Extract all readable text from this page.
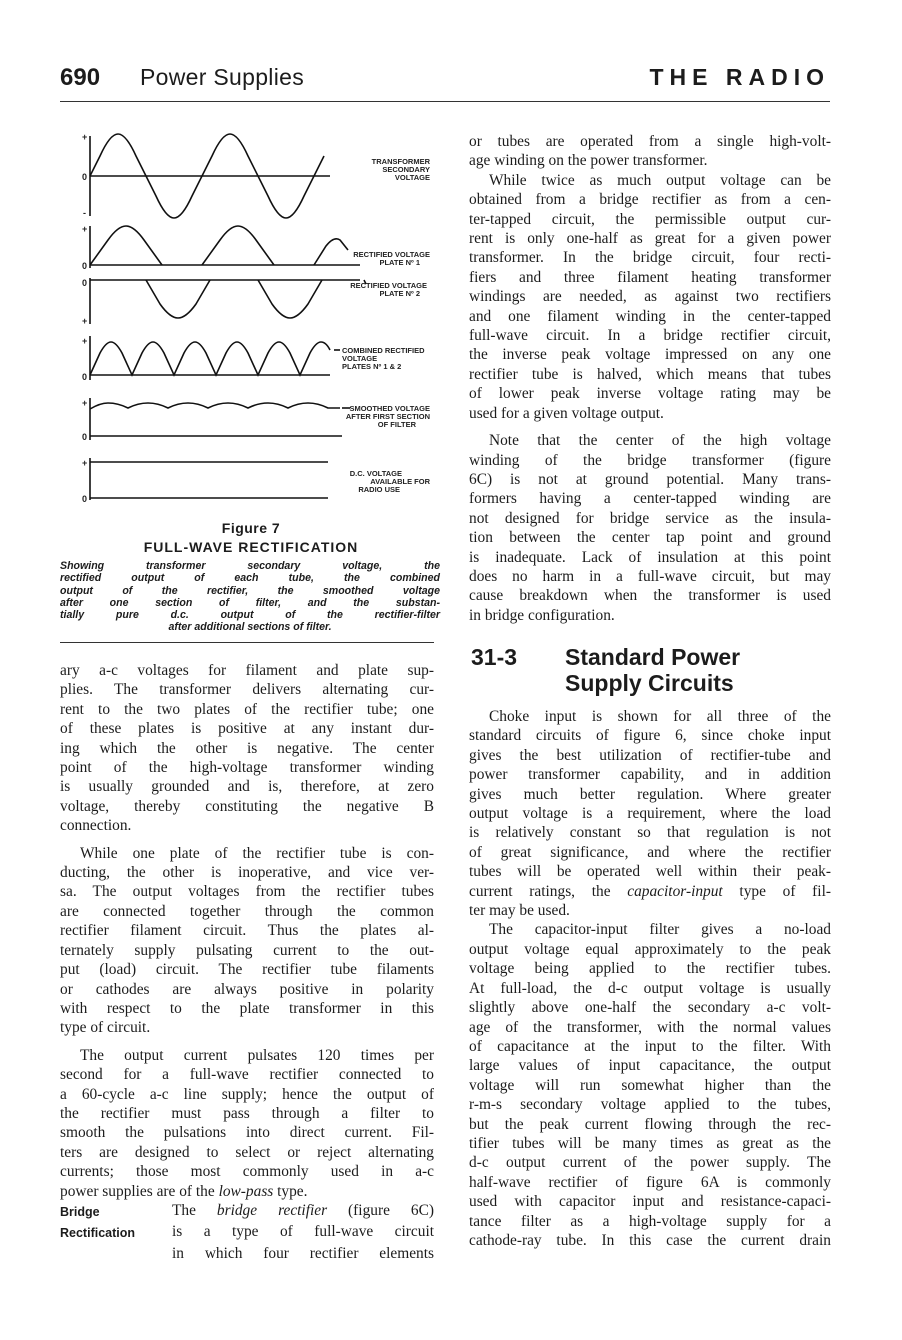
690 Power Supplies	THE RADIO
+
0
-
+
0
0
+
+
0
+
0
+
0
TRANSFORMER
SECONDARY
VOLTAGE
RECTIFIED VOLTAGE
PLATE Nº 1
RECTIFIED VOLTAGE
PLATE Nº 2
COMBINED RECTIFIED
VOLTAGE
PLATES Nº 1 & 2
SMOOTHED VOLTAGE
AFTER FIRST SECTION
OF FILTER
D.C. VOLTAGE
AVAILABLE FOR
RADIO USE
Figure 7
FULL-WAVE RECTIFICATION
Showing transformer secondary voltage, the
rectified output of each tube, the combined
output of the rectifier, the smoothed voltage
after one section of filter, and the substan-
tially pure d.c. output of the rectifier-filter
after additional sections of filter.

ary a-c voltages for filament and plate sup-
plies. The transformer delivers alternating cur-
rent to the two plates of the rectifier tube; one
of these plates is positive at any instant dur-
ing which the other is negative. The center
point of the high-voltage transformer winding
is usually grounded and is, therefore, at zero
voltage, thereby constituting the negative B
connection.

While one plate of the rectifier tube is con-
ducting, the other is inoperative, and vice ver-
sa. The output voltages from the rectifier tubes
are connected together through the common
rectifier filament circuit. Thus the plates al-
ternately supply pulsating current to the out-
put (load) circuit. The rectifier tube filaments
or cathodes are always positive in polarity
with respect to the plate transformer in this
type of circuit.

The output current pulsates 120 times per
second for a full-wave rectifier connected to
a 60-cycle a-c line supply; hence the output of
the rectifier must pass through a filter to
smooth the pulsations into direct current. Fil-
ters are designed to select or reject alternating
currents; those most commonly used in a-c
power supplies are of the low-pass type.

Bridge	The bridge rectifier (figure 6C)
Rectification	is a type of full-wave circuit
in which four rectifier elements

or tubes are operated from a single high-volt-
age winding on the power transformer.

While twice as much output voltage can be
obtained from a bridge rectifier as from a cen-
ter-tapped circuit, the permissible output cur-
rent is only one-half as great for a given power
transformer. In the bridge circuit, four recti-
fiers and three filament heating transformer
windings are needed, as against two rectifiers
and one filament winding in the center-tapped
full-wave circuit. In a bridge rectifier circuit,
the inverse peak voltage impressed on any one
rectifier tube is halved, which means that tubes
of lower peak inverse voltage rating may be
used for a given voltage output.

Note that the center of the high voltage
winding of the bridge transformer (figure
6C) is not at ground potential. Many trans-
formers having a center-tapped winding are
not designed for bridge service as the insula-
tion between the center tap point and ground
is inadequate. Lack of insulation at this point
does no harm in a full-wave circuit, but may
cause breakdown when the transformer is used
in bridge configuration.

31-3 Standard Power
Supply Circuits

Choke input is shown for all three of the
standard circuits of figure 6, since choke input
gives the best utilization of rectifier-tube and
power transformer capability, and in addition
gives much better regulation. Where greater
output voltage is a requirement, where the load
is relatively constant so that regulation is not
of great significance, and where the rectifier
tubes will be operated well within their peak-
current ratings, the capacitor-input type of fil-
ter may be used.

The capacitor-input filter gives a no-load
output voltage equal approximately to the peak
voltage being applied to the rectifier tubes.
At full-load, the d-c output voltage is usually
slightly above one-half the secondary a-c volt-
age of the transformer, with the normal values
of capacitance at the input to the filter. With
large values of input capacitance, the output
voltage will run somewhat higher than the
r-m-s secondary voltage applied to the tubes,
but the peak current flowing through the rec-
tifier tubes will be many times as great as the
d-c output current of the power supply. The
half-wave rectifier of figure 6A is commonly
used with capacitor input and resistance-capaci-
tance filter as a high-voltage supply for a
cathode-ray tube. In this case the current drain
